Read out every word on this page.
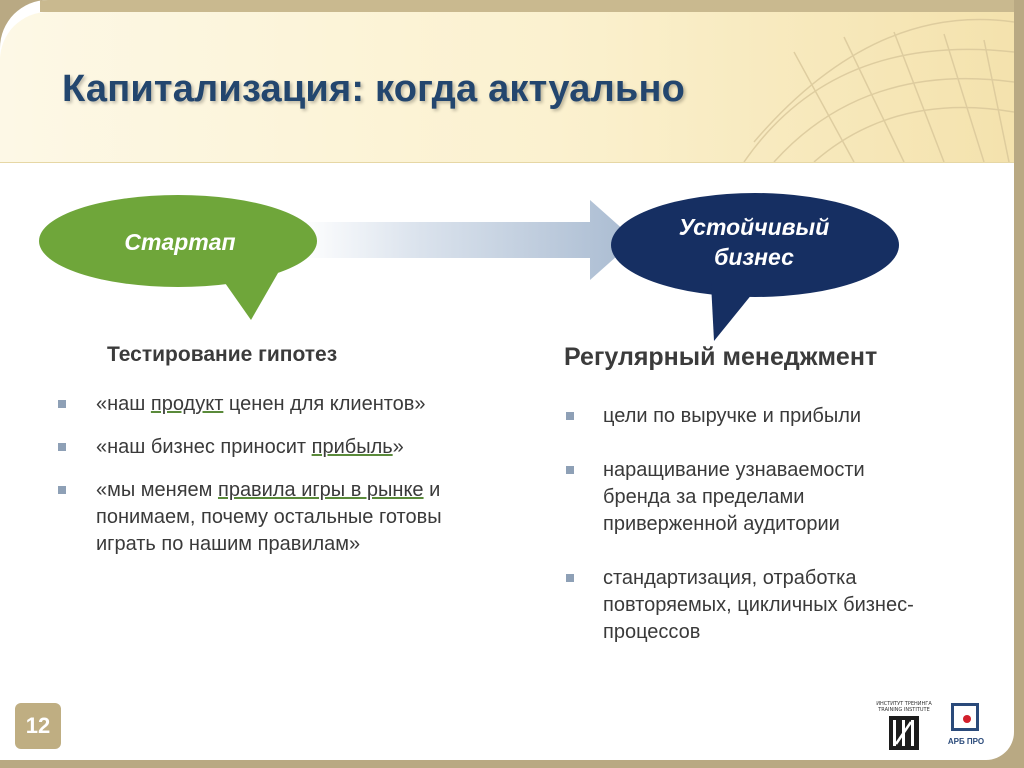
Капитализация: когда актуально
Стартап
Устойчивый
бизнес
Тестирование гипотез
«наш продукт ценен для клиентов»
«наш бизнес приносит прибыль»
«мы меняем правила игры в рынке и понимаем, почему остальные готовы играть по нашим правилам»
Регулярный менеджмент
цели по выручке и прибыли
наращивание узнаваемости бренда за пределами приверженной аудитории
стандартизация, отработка повторяемых, цикличных бизнес-процессов
12
ИНСТИТУТ ТРЕНИНГА
TRAINING INSTITUTE
АРБ ПРО
